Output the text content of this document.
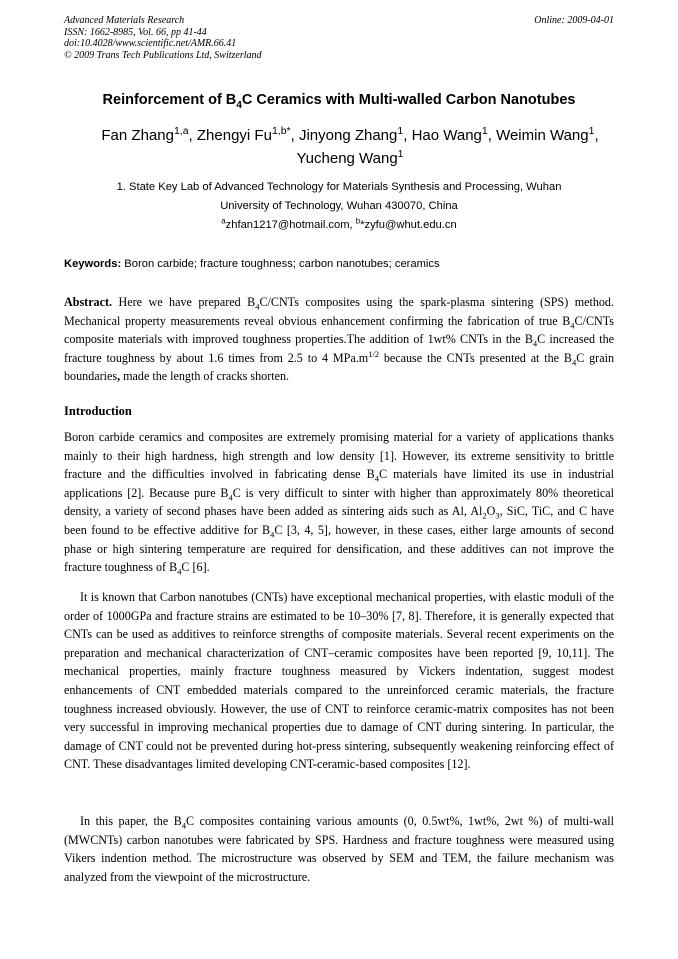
Advanced Materials Research
ISSN: 1662-8985, Vol. 66, pp 41-44
doi:10.4028/www.scientific.net/AMR.66.41
© 2009 Trans Tech Publications Ltd, Switzerland
Online: 2009-04-01
Reinforcement of $B_4C$ Ceramics with Multi-walled Carbon Nanotubes
Fan Zhang$^{1,a}$, Zhengyi $Fu^{1,b*}$, Jinyong Zhang$^1$, Hao Wang$^1$, Weimin Wang$^1$,
Yucheng Wang$^1$
1. State Key Lab of Advanced Technology for Materials Synthesis and Processing, Wuhan
University of Technology, Wuhan 430070, China
$^a$zhfan1217@hotmail.com, $^b$*zyfu@whut.edu.cn
Keywords: Boron carbide; fracture toughness; carbon nanotubes; ceramics
Abstract. Here we have prepared $B_4C$/CNTs composites using the spark-plasma sintering (SPS) method. Mechanical property measurements reveal obvious enhancement confirming the fabrication of true $B_4C$/CNTs composite materials with improved toughness properties.The addition of 1wt% CNTs in the $B_4C$ increased the fracture toughness by about 1.6 times from 2.5 to 4 $MPa.m^{1/2}$ because the CNTs presented at the $B_4C$ grain boundaries, made the length of cracks shorten.
Introduction
Boron carbide ceramics and composites are extremely promising material for a variety of applications thanks mainly to their high hardness, high strength and low density [1]. However, its extreme sensitivity to brittle fracture and the difficulties involved in fabricating dense $B_4C$ materials have limited its use in industrial applications [2]. Because pure $B_4C$ is very difficult to sinter with higher than approximately 80% theoretical density, a variety of second phases have been added as sintering aids such as Al, $Al_2O_3$, SiC, TiC, and C have been found to be effective additive for $B_4C$ [3, 4, 5], however, in these cases, either large amounts of second phase or high sintering temperature are required for densification, and these additives can not improve the fracture toughness of $B_4C$ [6].
It is known that Carbon nanotubes (CNTs) have exceptional mechanical properties, with elastic moduli of the order of 1000GPa and fracture strains are estimated to be 10–30% [7, 8]. Therefore, it is generally expected that CNTs can be used as additives to reinforce strengths of composite materials. Several recent experiments on the preparation and mechanical characterization of CNT–ceramic composites have been reported [9, 10,11]. The mechanical properties, mainly fracture toughness measured by Vickers indentation, suggest modest enhancements of CNT embedded materials compared to the unreinforced ceramic materials, the fracture toughness increased obviously. However, the use of CNT to reinforce ceramic-matrix composites has not been very successful in improving mechanical properties due to damage of CNT during sintering. In particular, the damage of CNT could not be prevented during hot-press sintering, subsequently weakening reinforcing effect of CNT. These disadvantages limited developing CNT-ceramic-based composites [12].
In this paper, the $B_4C$ composites containing various amounts (0, 0.5wt%, 1wt%, 2wt %) of multi-wall (MWCNTs) carbon nanotubes were fabricated by SPS. Hardness and fracture toughness were measured using Vikers indention method. The microstructure was observed by SEM and TEM, the failure mechanism was analyzed from the viewpoint of the microstructure.
